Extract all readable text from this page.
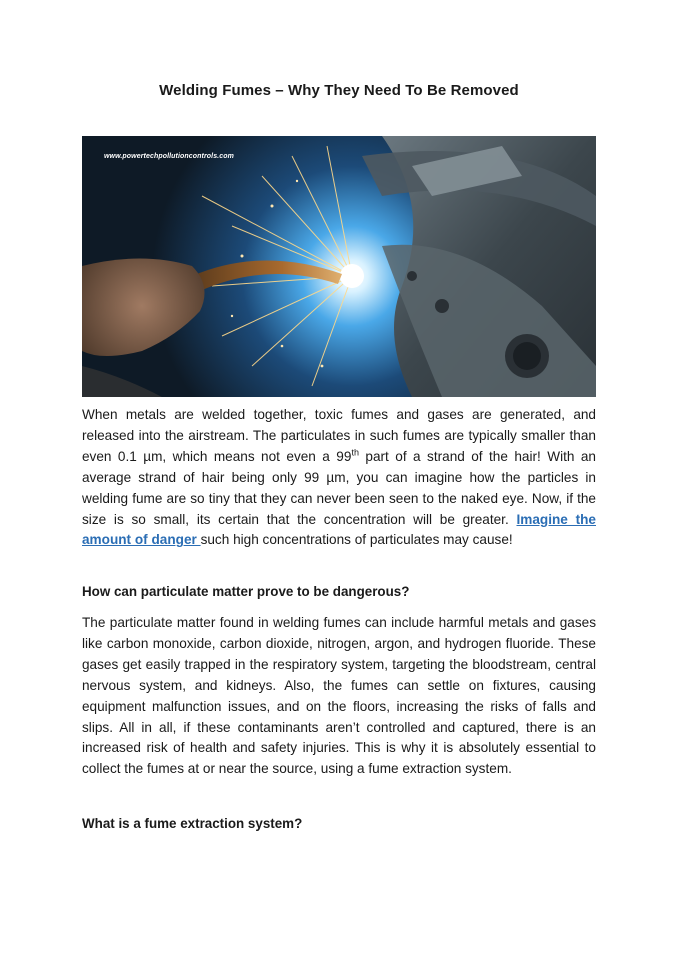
Welding Fumes – Why They Need To Be Removed
www.powertechpollutioncontrols.com

When metals are welded together, toxic fumes and gases are generated, and released into the airstream. The particulates in such fumes are typically smaller than even 0.1 µm, which means not even a 99th part of a strand of the hair! With an average strand of hair being only 99 µm, you can imagine how the particles in welding fume are so tiny that they can never been seen to the naked eye. Now, if the size is so small, its certain that the concentration will be greater. Imagine the amount of danger such high concentrations of particulates may cause!

How can particulate matter prove to be dangerous?

The particulate matter found in welding fumes can include harmful metals and gases like carbon monoxide, carbon dioxide, nitrogen, argon, and hydrogen fluoride. These gases get easily trapped in the respiratory system, targeting the bloodstream, central nervous system, and kidneys. Also, the fumes can settle on fixtures, causing equipment malfunction issues, and on the floors, increasing the risks of falls and slips. All in all, if these contaminants aren’t controlled and captured, there is an increased risk of health and safety injuries. This is why it is absolutely essential to collect the fumes at or near the source, using a fume extraction system.

What is a fume extraction system?
